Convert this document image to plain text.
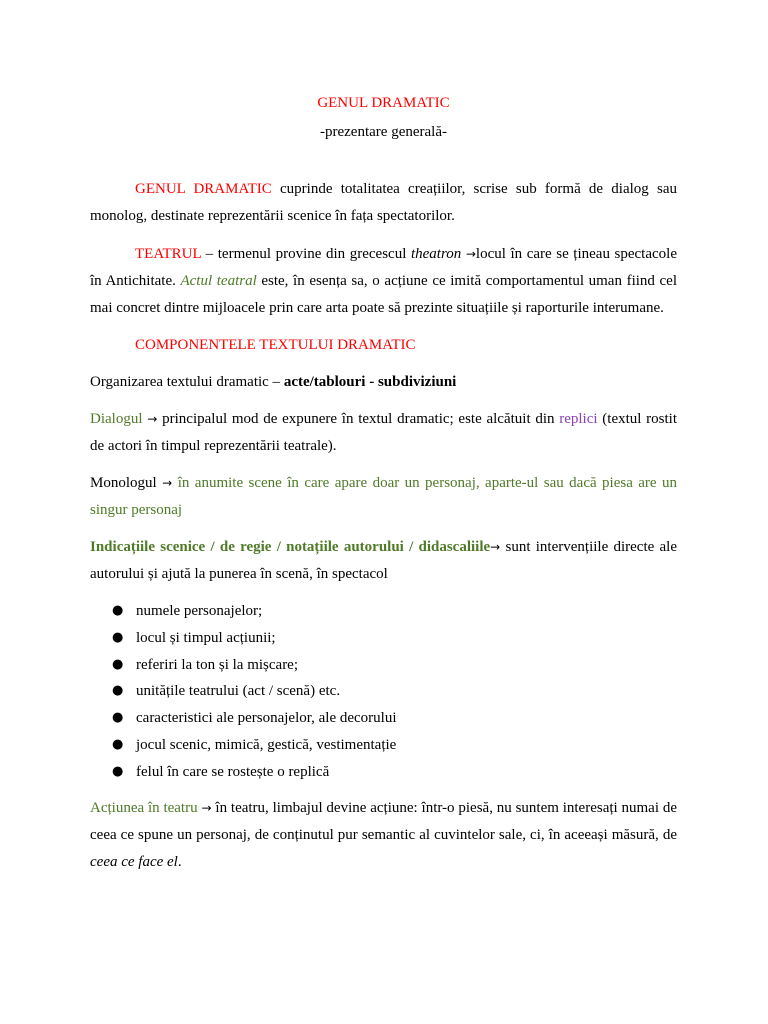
GENUL DRAMATIC
-prezentare generală-

GENUL DRAMATIC cuprinde totalitatea creațiilor, scrise sub formă de dialog sau monolog, destinate reprezentării scenice în fața spectatorilor.

TEATRUL – termenul provine din grecescul theatron →locul în care se țineau spectacole în Antichitate. Actul teatral este, în esența sa, o acțiune ce imită comportamentul uman fiind cel mai concret dintre mijloacele prin care arta poate să prezinte situațiile și raporturile interumane.

COMPONENTELE TEXTULUI DRAMATIC

Organizarea textului dramatic – acte/tablouri - subdiviziuni

Dialogul → principalul mod de expunere în textul dramatic; este alcătuit din replici (textul rostit de actori în timpul reprezentării teatrale).

Monologul → în anumite scene în care apare doar un personaj, aparte-ul sau dacă piesa are un singur personaj

Indicațiile scenice / de regie / notațiile autorului / didascaliile→ sunt intervențiile directe ale autorului și ajută la punerea în scenă, în spectacol

● numele personajelor;
● locul și timpul acțiunii;
● referiri la ton și la mișcare;
● unitățile teatrului (act / scenă) etc.
● caracteristici ale personajelor, ale decorului
● jocul scenic, mimică, gestică, vestimentație
● felul în care se rostește o replică

Acțiunea în teatru → în teatru, limbajul devine acțiune: într-o piesă, nu suntem interesați numai de ceea ce spune un personaj, de conținutul pur semantic al cuvintelor sale, ci, în aceeași măsură, de ceea ce face el.
